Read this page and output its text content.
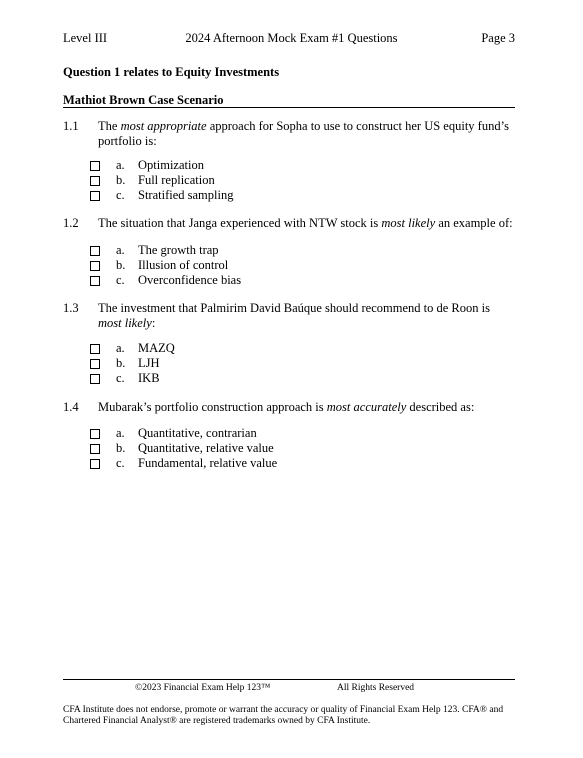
2024 Afternoon Mock Exam #1 Questions
Level III	Page 3
Question 1 relates to Equity Investments
Mathiot Brown Case Scenario
1.1 The most appropriate approach for Sopha to use to construct her US equity fund’s portfolio is:
a. Optimization
b. Full replication
c. Stratified sampling
1.2 The situation that Janga experienced with NTW stock is most likely an example of:
a. The growth trap
b. Illusion of control
c. Overconfidence bias
1.3 The investment that Palmirim David Baúque should recommend to de Roon is most likely:
a. MAZQ
b. LJH
c. IKB
1.4 Mubarak’s portfolio construction approach is most accurately described as:
a. Quantitative, contrarian
b. Quantitative, relative value
c. Fundamental, relative value
©2023 Financial Exam Help 123™	All Rights Reserved
CFA Institute does not endorse, promote or warrant the accuracy or quality of Financial Exam Help 123. CFA® and Chartered Financial Analyst® are registered trademarks owned by CFA Institute.
